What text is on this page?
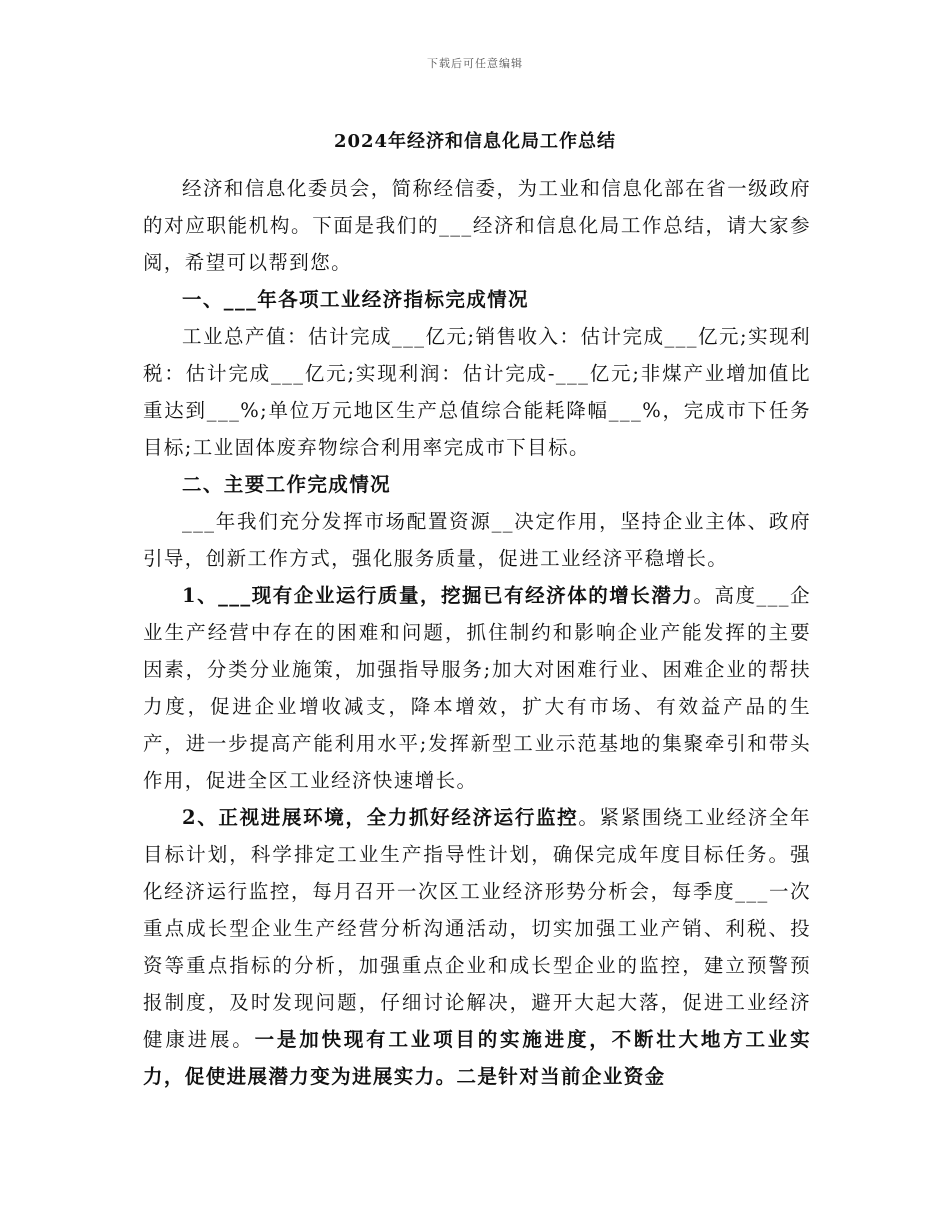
下载后可任意编辑
2024年经济和信息化局工作总结

经济和信息化委员会，简称经信委，为工业和信息化部在省一级政府的对应职能机构。下面是我们的___经济和信息化局工作总结，请大家参阅，希望可以帮到您。

一、___年各项工业经济指标完成情况

工业总产值：估计完成___亿元;销售收入：估计完成___亿元;实现利税：估计完成___亿元;实现利润：估计完成-___亿元;非煤产业增加值比重达到___%;单位万元地区生产总值综合能耗降幅___%，完成市下任务目标;工业固体废弃物综合利用率完成市下目标。

二、主要工作完成情况

___年我们充分发挥市场配置资源__决定作用，坚持企业主体、政府引导，创新工作方式，强化服务质量，促进工业经济平稳增长。

1、___现有企业运行质量，挖掘已有经济体的增长潜力。高度___企业生产经营中存在的困难和问题，抓住制约和影响企业产能发挥的主要因素，分类分业施策，加强指导服务;加大对困难行业、困难企业的帮扶力度，促进企业增收减支，降本增效，扩大有市场、有效益产品的生产，进一步提高产能利用水平;发挥新型工业示范基地的集聚牵引和带头作用，促进全区工业经济快速增长。

2、正视进展环境，全力抓好经济运行监控。紧紧围绕工业经济全年目标计划，科学排定工业生产指导性计划，确保完成年度目标任务。强化经济运行监控，每月召开一次区工业经济形势分析会，每季度___一次重点成长型企业生产经营分析沟通活动，切实加强工业产销、利税、投资等重点指标的分析，加强重点企业和成长型企业的监控，建立预警预报制度，及时发现问题，仔细讨论解决，避开大起大落，促进工业经济健康进展。一是加快现有工业项目的实施进度，不断壮大地方工业实力，促使进展潜力变为进展实力。二是针对当前企业资金
